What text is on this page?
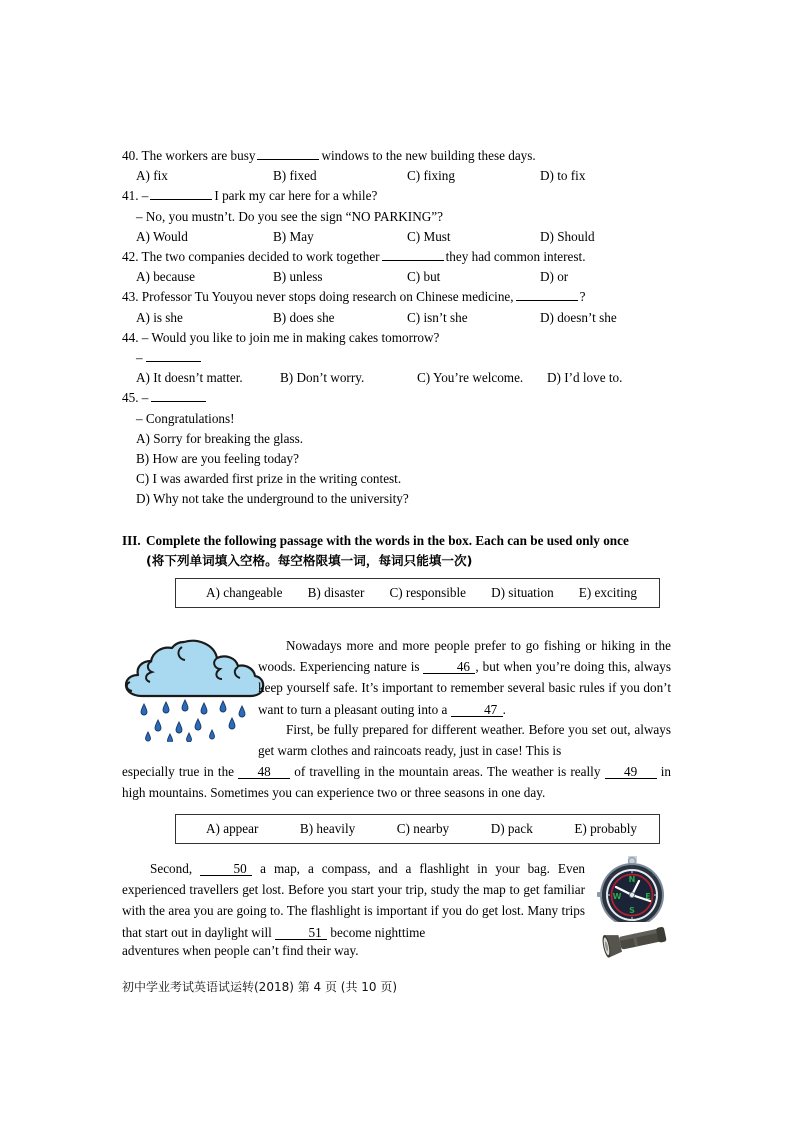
40. The workers are busy	windows to the new building these days.
A) fix	B) fixed	C) fixing	D) to fix
41. –	I park my car here for a while?
– No, you mustn’t. Do you see the sign “NO PARKING”?
A) Would	B) May	C) Must	D) Should
42. The two companies decided to work together	they had common interest.
A) because	B) unless	C) but	D) or
43. Professor Tu Youyou never stops doing research on Chinese medicine,	?
A) is she	B) does she	C) isn’t she	D) doesn’t she
44. – Would you like to join me in making cakes tomorrow?
–
A) It doesn’t matter.	B) Don’t worry.	C) You’re welcome. D) I’d love to.
45. –
– Congratulations!
A) Sorry for breaking the glass.
B) How are you feeling today?
C) I was awarded first prize in the writing contest.
D) Why not take the underground to the university?
III. Complete the following passage with the words in the box. Each can be used only once
(将下列单词填入空格。每空格限填一词，每词只能填一次)
A) changeable B) disaster C) responsible D) situation E) exciting
Nowadays more and more people prefer to go fishing or hiking in the woods. Experiencing nature is	46 , but when you’re doing this, always keep yourself safe. It’s important to remember several basic rules if you don’t want to turn a pleasant outing into a	47 .
First, be fully prepared for different weather. Before you set out, always get warm clothes and raincoats ready, just in case! This is
especially true in the 48 of travelling in the mountain areas. The weather is really 49 in high mountains. Sometimes you can experience two or three seasons in one day.
A) appear	B) heavily	C) nearby	D) pack	E) probably
Second,	50 a map, a compass, and a flashlight in your bag. Even experienced travellers get lost. Before you start your trip, study the map to get familiar with the area you are going to. The flashlight is important if you do get lost. Many trips that start out in daylight will	51 become nighttime
adventures when people can’t find their way.
N
S
W	E
初中学业考试英语试运转(2018) 第 4 页 (共 10 页)
